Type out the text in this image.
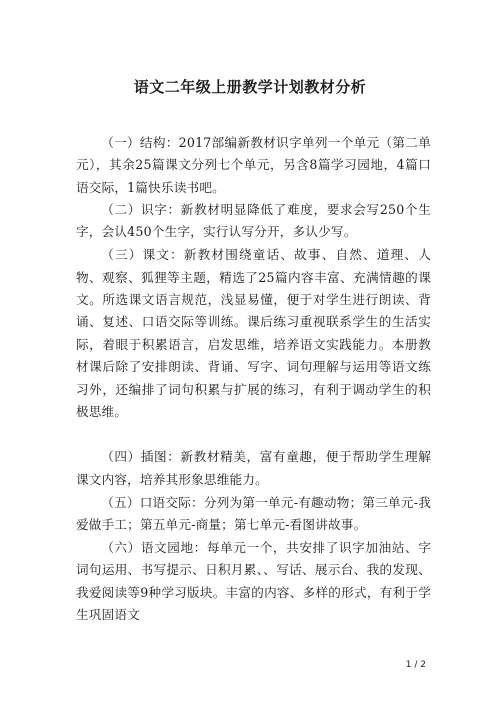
语文二年级上册教学计划教材分析

（一）结构：2017部编新教材识字单列一个单元（第二单元），其余25篇课文分列七个单元，另含8篇学习园地，4篇口语交际，1篇快乐读书吧。

（二）识字：新教材明显降低了难度，要求会写250个生字，会认450个生字，实行认写分开，多认少写。

（三）课文：新教材围绕童话、故事、自然、道理、人物、观察、狐狸等主题，精选了25篇内容丰富、充满情趣的课文。所选课文语言规范，浅显易懂，便于对学生进行朗读、背诵、复述、口语交际等训练。课后练习重视联系学生的生活实际，着眼于积累语言，启发思维，培养语文实践能力。本册教材课后除了安排朗读、背诵、写字、词句理解与运用等语文练习外，还编排了词句积累与扩展的练习，有利于调动学生的积极思维。

（四）插图：新教材精美，富有童趣，便于帮助学生理解课文内容，培养其形象思维能力。

（五）口语交际：分列为第一单元-有趣动物；第三单元-我爱做手工；第五单元-商量；第七单元-看图讲故事。

（六）语文园地：每单元一个，共安排了识字加油站、字词句运用、书写提示、日积月累、、写话、展示台、我的发现、我爱阅读等9种学习版块。丰富的内容、多样的形式，有利于学生巩固语文

1 / 2
